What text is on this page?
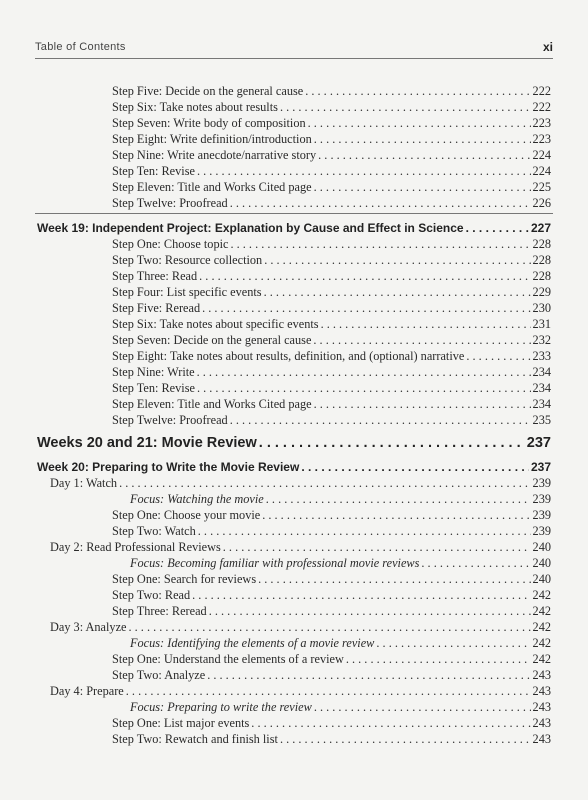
Table of Contents	xi
Step Five: Decide on the general cause . . .	222
Step Six: Take notes about results . . .	222
Step Seven: Write body of composition . . .	223
Step Eight: Write definition/introduction . . .	223
Step Nine: Write anecdote/narrative story . . .	224
Step Ten: Revise . . .	224
Step Eleven: Title and Works Cited page . . .	225
Step Twelve: Proofread . . .	226
Week 19: Independent Project: Explanation by Cause and Effect in Science . . .	227
Step One: Choose topic . . .	228
Step Two: Resource collection . . .	228
Step Three: Read . . .	228
Step Four: List specific events . . .	229
Step Five: Reread . . .	230
Step Six: Take notes about specific events . . .	231
Step Seven: Decide on the general cause . . .	232
Step Eight: Take notes about results, definition, and (optional) narrative . . .	233
Step Nine: Write . . .	234
Step Ten: Revise . . .	234
Step Eleven: Title and Works Cited page . . .	234
Step Twelve: Proofread . . .	235
Weeks 20 and 21: Movie Review . . .	237
Week 20: Preparing to Write the Movie Review . . .	237
Day 1: Watch . . .	239
Focus: Watching the movie . . .	239
Step One: Choose your movie . . .	239
Step Two: Watch . . .	239
Day 2: Read Professional Reviews . . .	240
Focus: Becoming familiar with professional movie reviews . . .	240
Step One: Search for reviews . . .	240
Step Two: Read . . .	242
Step Three: Reread . . .	242
Day 3: Analyze . . .	242
Focus: Identifying the elements of a movie review . . .	242
Step One: Understand the elements of a review . . .	242
Step Two: Analyze . . .	243
Day 4: Prepare . . .	243
Focus: Preparing to write the review . . .	243
Step One: List major events . . .	243
Step Two: Rewatch and finish list . . .	243
